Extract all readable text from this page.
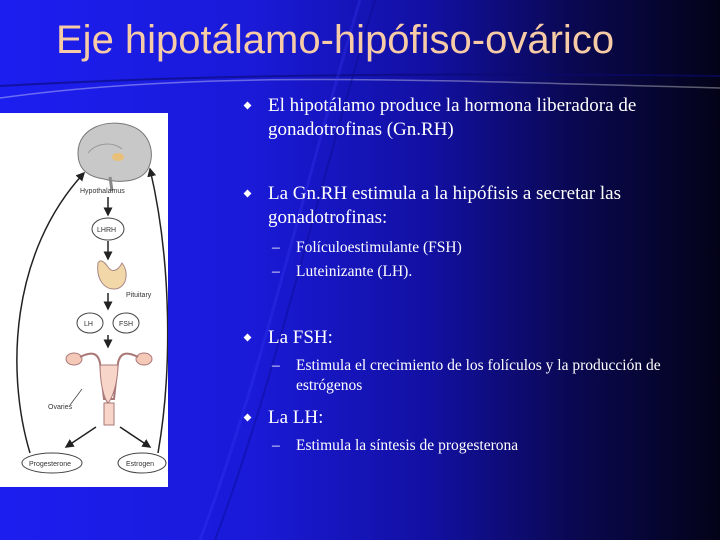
Eje hipotálamo-hipófiso-ovárico
Hypothalamus
LHRH
Pituitary
LH	FSH
Ovaries
Progesterone	Estrogen
El hipotálamo produce la hormona liberadora de gonadotrofinas (Gn.RH)
La Gn.RH estimula a la hipófisis a secretar las gonadotrofinas:
– Folículoestimulante (FSH)
– Luteinizante (LH).
La FSH:
– Estimula el crecimiento de los folículos y la producción de estrógenos
La LH:
– Estimula la síntesis de progesterona
